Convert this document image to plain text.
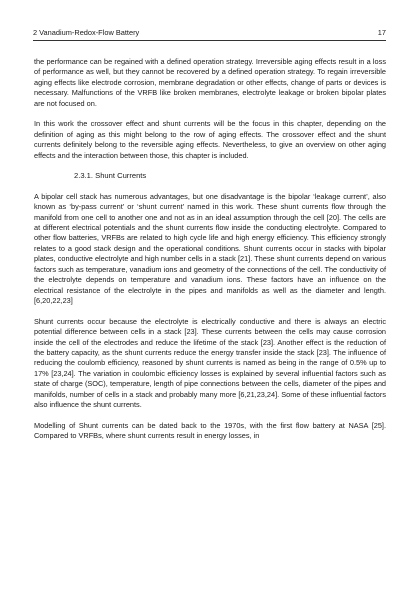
2 Vanadium-Redox-Flow Battery	17

the performance can be regained with a defined operation strategy. Irreversible aging effects result in a loss of performance as well, but they cannot be recovered by a defined operation strategy. To regain irreversible aging effects like electrode corrosion, membrane degradation or other effects, change of parts or devices is necessary. Malfunctions of the VRFB like broken membranes, electrolyte leakage or broken bipolar plates are not focused on.

In this work the crossover effect and shunt currents will be the focus in this chapter, depending on the definition of aging as this might belong to the row of aging effects. The crossover effect and the shunt currents definitely belong to the reversible aging effects. Nevertheless, to give an overview on other aging effects and the interaction between those, this chapter is included.

2.3.1. Shunt Currents

A bipolar cell stack has numerous advantages, but one disadvantage is the bipolar ‘leakage current’, also known as ‘by-pass current’ or ‘shunt current’ named in this work. These shunt currents flow through the manifold from one cell to another one and not as in an ideal assumption through the cell [20]. The cells are at different electrical potentials and the shunt currents flow inside the conducting electrolyte. Compared to other flow batteries, VRFBs are related to high cycle life and high energy efficiency. This efficiency strongly relates to a good stack design and the operational conditions. Shunt currents occur in stacks with bipolar plates, conductive electrolyte and high number cells in a stack [21]. These shunt currents depend on various factors such as temperature, vanadium ions and geometry of the connections of the cell. The conductivity of the electrolyte depends on temperature and vanadium ions. These factors have an influence on the electrical resistance of the electrolyte in the pipes and manifolds as well as the diameter and length. [6,20,22,23]

Shunt currents occur because the electrolyte is electrically conductive and there is always an electric potential difference between cells in a stack [23]. These currents between the cells may cause corrosion inside the cell of the electrodes and reduce the lifetime of the stack [23]. Another effect is the reduction of the battery capacity, as the shunt currents reduce the energy transfer inside the stack [23]. The influence of reducing the coulomb efficiency, reasoned by shunt currents is named as being in the range of 0.5% up to 17% [23,24]. The variation in coulombic efficiency losses is explained by several influential factors such as state of charge (SOC), temperature, length of pipe connections between the cells, diameter of the pipes and manifolds, number of cells in a stack and probably many more [6,21,23,24]. Some of these influential factors also influence the shunt currents.

Modelling of Shunt currents can be dated back to the 1970s, with the first flow battery at NASA [25]. Compared to VRFBs, where shunt currents result in energy losses, in
